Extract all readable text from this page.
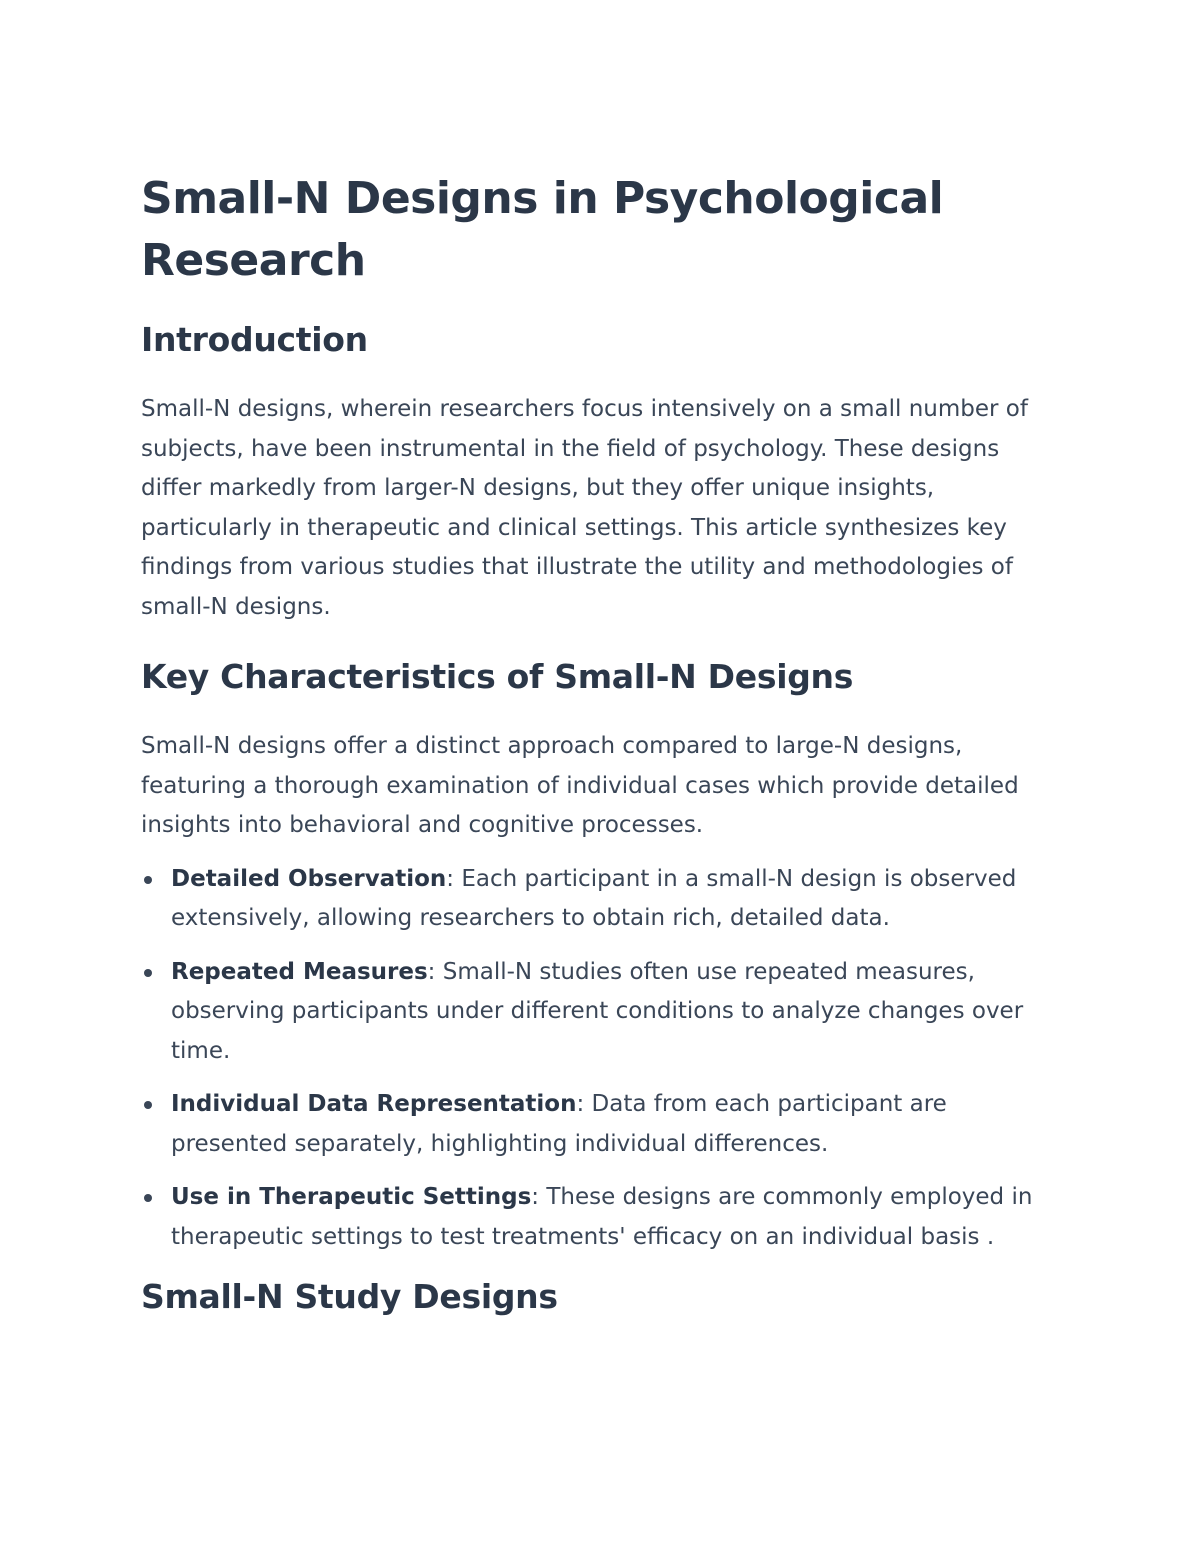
Small-N Designs in Psychological Research
Introduction

Small-N designs, wherein researchers focus intensively on a small number of subjects, have been instrumental in the field of psychology. These designs differ markedly from larger-N designs, but they offer unique insights, particularly in therapeutic and clinical settings. This article synthesizes key findings from various studies that illustrate the utility and methodologies of small-N designs.

Key Characteristics of Small-N Designs

Small-N designs offer a distinct approach compared to large-N designs, featuring a thorough examination of individual cases which provide detailed insights into behavioral and cognitive processes.

Detailed Observation: Each participant in a small-N design is observed extensively, allowing researchers to obtain rich, detailed data.
Repeated Measures: Small-N studies often use repeated measures, observing participants under different conditions to analyze changes over time.
Individual Data Representation: Data from each participant are presented separately, highlighting individual differences.
Use in Therapeutic Settings: These designs are commonly employed in therapeutic settings to test treatments' efficacy on an individual basis .
Small-N Study Designs
